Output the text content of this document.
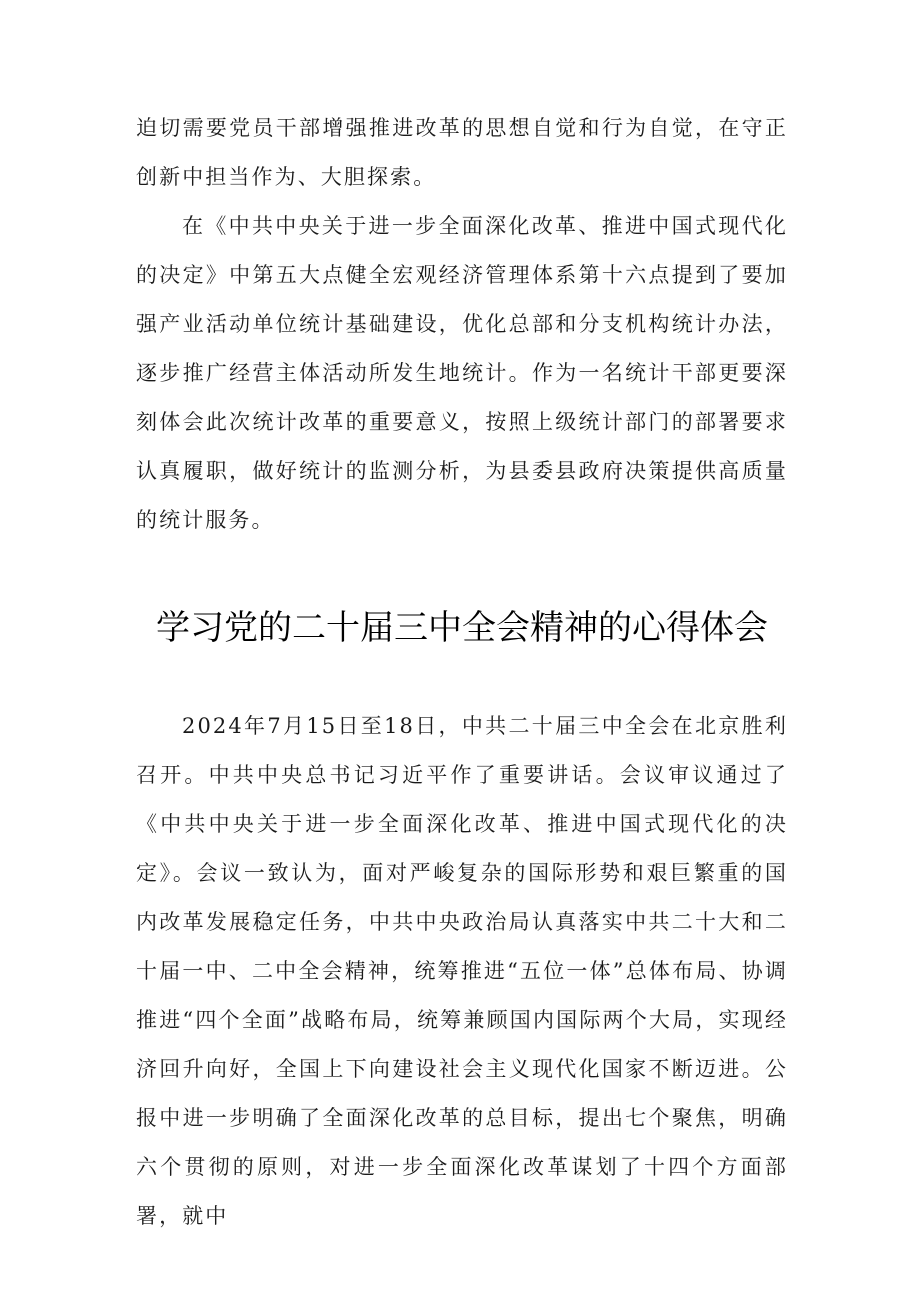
迫切需要党员干部增强推进改革的思想自觉和行为自觉，在守正创新中担当作为、大胆探索。

在《中共中央关于进一步全面深化改革、推进中国式现代化的决定》中第五大点健全宏观经济管理体系第十六点提到了要加强产业活动单位统计基础建设，优化总部和分支机构统计办法，逐步推广经营主体活动所发生地统计。作为一名统计干部更要深刻体会此次统计改革的重要意义，按照上级统计部门的部署要求认真履职，做好统计的监测分析，为县委县政府决策提供高质量的统计服务。

学习党的二十届三中全会精神的心得体会

2024年7月15日至18日，中共二十届三中全会在北京胜利召开。中共中央总书记习近平作了重要讲话。会议审议通过了《中共中央关于进一步全面深化改革、推进中国式现代化的决定》。会议一致认为，面对严峻复杂的国际形势和艰巨繁重的国内改革发展稳定任务，中共中央政治局认真落实中共二十大和二十届一中、二中全会精神，统筹推进“五位一体”总体布局、协调推进“四个全面”战略布局，统筹兼顾国内国际两个大局，实现经济回升向好，全国上下向建设社会主义现代化国家不断迈进。公报中进一步明确了全面深化改革的总目标，提出七个聚焦，明确六个贯彻的原则，对进一步全面深化改革谋划了十四个方面部署，就中
